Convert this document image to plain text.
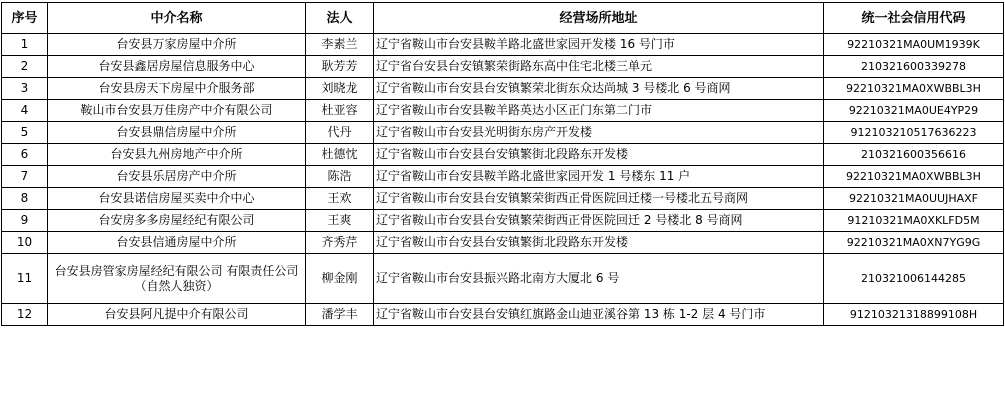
序号	中介名称	法人	经营场所地址	统一社会信用代码
1	台安县万家房屋中介所	李素兰	辽宁省鞍山市台安县鞍羊路北盛世家园开发楼 16 号门市	92210321MA0UM1939K
2	台安县鑫居房屋信息服务中心	耿芳芳	辽宁省台安县台安镇繁荣街路东高中住宅北楼三单元	210321600339278
3	台安县房天下房屋中介服务部	刘晓龙	辽宁省鞍山市台安县台安镇繁荣北街东众达尚城 3 号楼北 6 号商网	92210321MA0XWBBL3H
4	鞍山市台安县万佳房产中介有限公司	杜亚容	辽宁省鞍山市台安县鞍羊路英达小区正门东第二门市	92210321MA0UE4YP29
5	台安县鼎信房屋中介所	代丹	辽宁省鞍山市台安县光明街东房产开发楼	912103210517636223
6	台安县九州房地产中介所	杜德忱	辽宁省鞍山市台安县台安镇繁街北段路东开发楼	210321600356616
7	台安县乐居房产中介所	陈浩	辽宁省鞍山市台安县鞍羊路北盛世家园开发 1 号楼东 11 户	92210321MA0XWBBL3H
8	台安县诺信房屋买卖中介中心	王欢	辽宁省鞍山市台安县台安镇繁荣街西正骨医院回迁楼一号楼北五号商网	92210321MA0UUJHAXF
9	台安房多多房屋经纪有限公司	王爽	辽宁省鞍山市台安县台安镇繁荣街西正骨医院回迁 2 号楼北 8 号商网	91210321MA0XKLFD5M
10	台安县信通房屋中介所	齐秀芹	辽宁省鞍山市台安县台安镇繁街北段路东开发楼	92210321MA0XN7YG9G
11	台安县房管家房屋经纪有限公司 有限责任公司（自然人独资）	柳金刚	辽宁省鞍山市台安县振兴路北南方大厦北 6 号	210321006144285
12	台安县阿凡提中介有限公司	潘学丰	辽宁省鞍山市台安县台安镇红旗路金山迪亚溪谷第 13 栋 1-2 层 4 号门市	91210321318899108H
